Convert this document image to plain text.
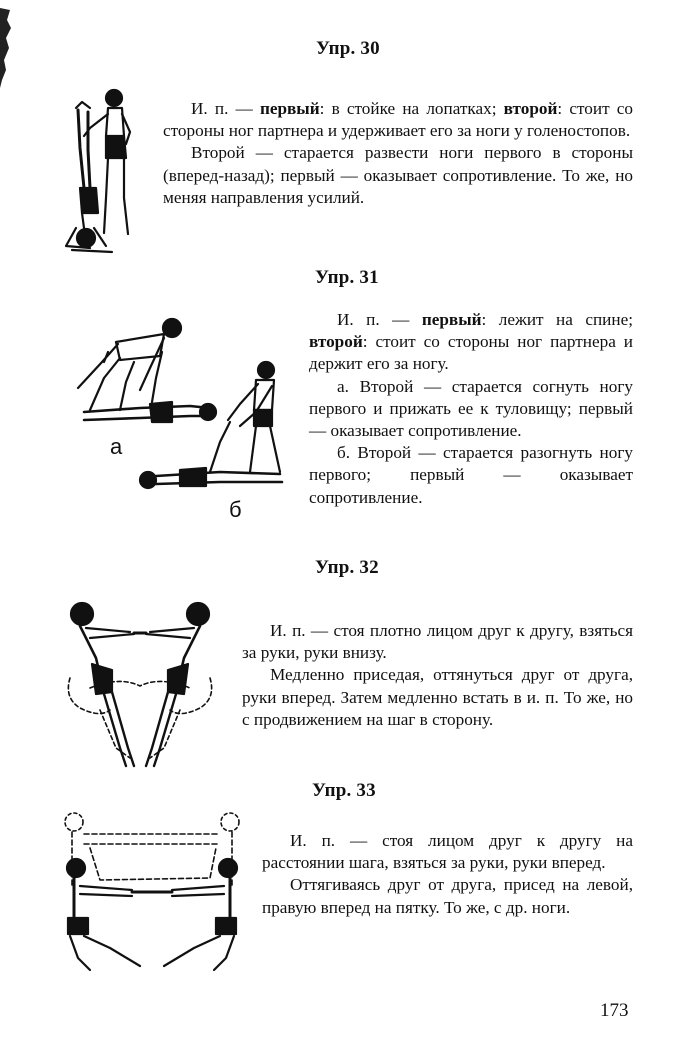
Упр. 30

И. п. — первый: в стойке на лопатках; второй: стоит со стороны ног партнера и удерживает его за ноги у голеностопов.

Второй — старается развести ноги первого в стороны (вперед-назад); первый — оказывает сопротивление. То же, но меняя направления усилий.

Упр. 31
а
б

И. п. — первый: лежит на спине; второй: стоит со стороны ног партнера и держит его за ногу.

а. Второй — старается согнуть ногу первого и прижать ее к туловищу; первый — оказывает сопротивление.

б. Второй — старается разогнуть ногу первого; первый — оказывает сопротивление.

Упр. 32

И. п. — стоя плотно лицом друг к другу, взяться за руки, руки внизу.

Медленно приседая, оттянуться друг от друга, руки вперед. Затем медленно встать в и. п. То же, но с продвижением на шаг в сторону.

Упр. 33

И. п. — стоя лицом друг к другу на расстоянии шага, взяться за руки, руки вперед.

Оттягиваясь друг от друга, присед на левой, правую вперед на пятку. То же, с др. ноги.

173
